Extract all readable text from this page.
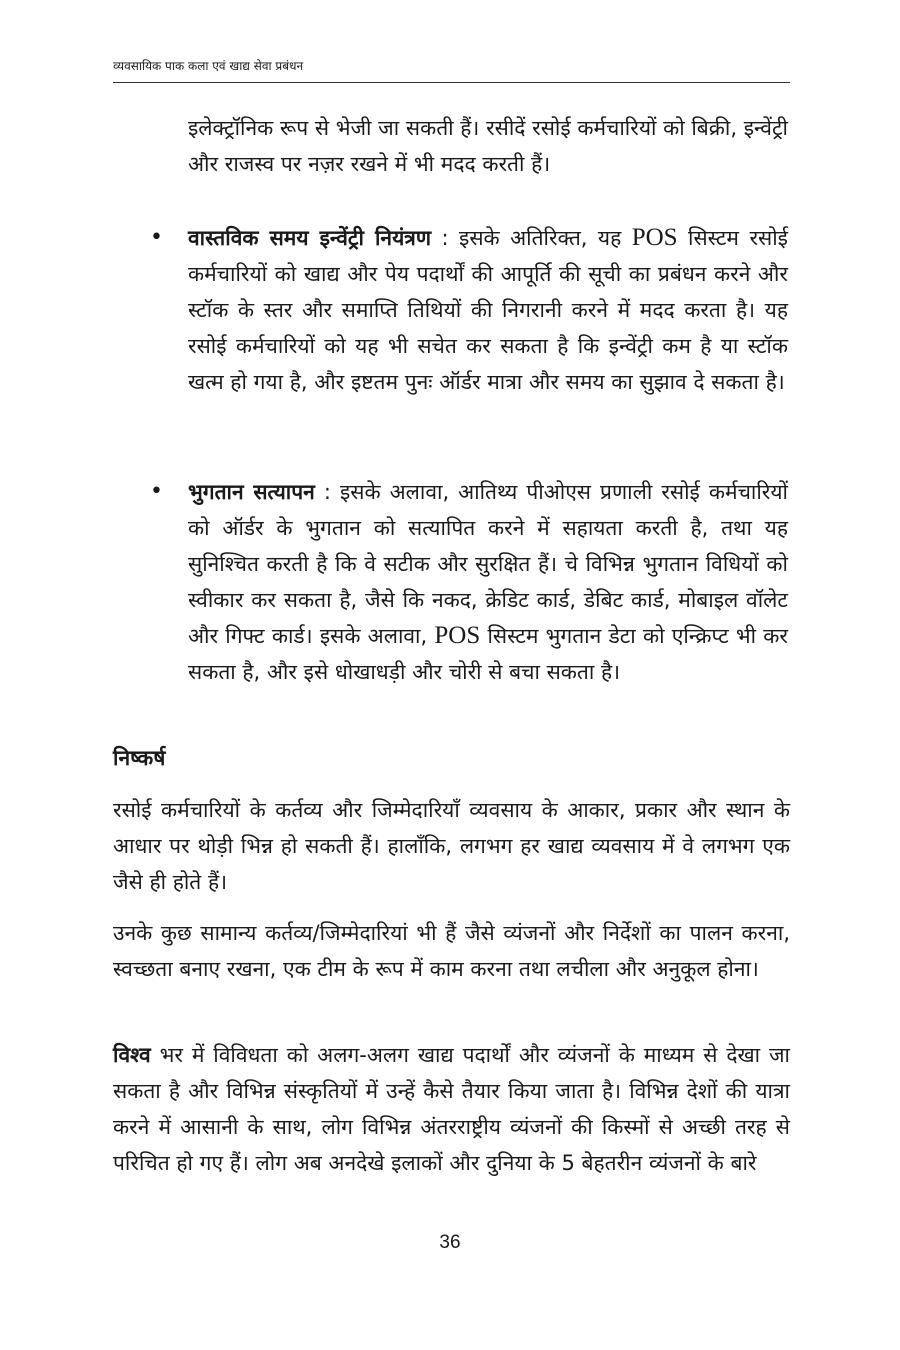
व्यवसायिक पाक कला एवं खाद्य सेवा प्रबंधन

इलेक्ट्रॉनिक रूप से भेजी जा सकती हैं। रसीदें रसोई कर्मचारियों को बिक्री, इन्वेंट्री और राजस्व पर नज़र रखने में भी मदद करती हैं।

• वास्तविक समय इन्वेंट्री नियंत्रण : इसके अतिरिक्त, यह POS सिस्टम रसोई कर्मचारियों को खाद्य और पेय पदार्थों की आपूर्ति की सूची का प्रबंधन करने और स्टॉक के स्तर और समाप्ति तिथियों की निगरानी करने में मदद करता है। यह रसोई कर्मचारियों को यह भी सचेत कर सकता है कि इन्वेंट्री कम है या स्टॉक खत्म हो गया है, और इष्टतम पुनः ऑर्डर मात्रा और समय का सुझाव दे सकता है।

• भुगतान सत्यापन : इसके अलावा, आतिथ्य पीओएस प्रणाली रसोई कर्मचारियों को ऑर्डर के भुगतान को सत्यापित करने में सहायता करती है, तथा यह सुनिश्चित करती है कि वे सटीक और सुरक्षित हैं। चे विभिन्न भुगतान विधियों को स्वीकार कर सकता है, जैसे कि नकद, क्रेडिट कार्ड, डेबिट कार्ड, मोबाइल वॉलेट और गिफ्ट कार्ड। इसके अलावा, POS सिस्टम भुगतान डेटा को एन्क्रिप्ट भी कर सकता है, और इसे धोखाधड़ी और चोरी से बचा सकता है।

निष्कर्ष

रसोई कर्मचारियों के कर्तव्य और जिम्मेदारियाँ व्यवसाय के आकार, प्रकार और स्थान के आधार पर थोड़ी भिन्न हो सकती हैं। हालाँकि, लगभग हर खाद्य व्यवसाय में वे लगभग एक जैसे ही होते हैं।

उनके कुछ सामान्य कर्तव्य/जिम्मेदारियां भी हैं जैसे व्यंजनों और निर्देशों का पालन करना, स्वच्छता बनाए रखना, एक टीम के रूप में काम करना तथा लचीला और अनुकूल होना।

विश्व भर में विविधता को अलग-अलग खाद्य पदार्थों और व्यंजनों के माध्यम से देखा जा सकता है और विभिन्न संस्कृतियों में उन्हें कैसे तैयार किया जाता है। विभिन्न देशों की यात्रा करने में आसानी के साथ, लोग विभिन्न अंतरराष्ट्रीय व्यंजनों की किस्मों से अच्छी तरह से परिचित हो गए हैं। लोग अब अनदेखे इलाकों और दुनिया के 5 बेहतरीन व्यंजनों के बारे

36
